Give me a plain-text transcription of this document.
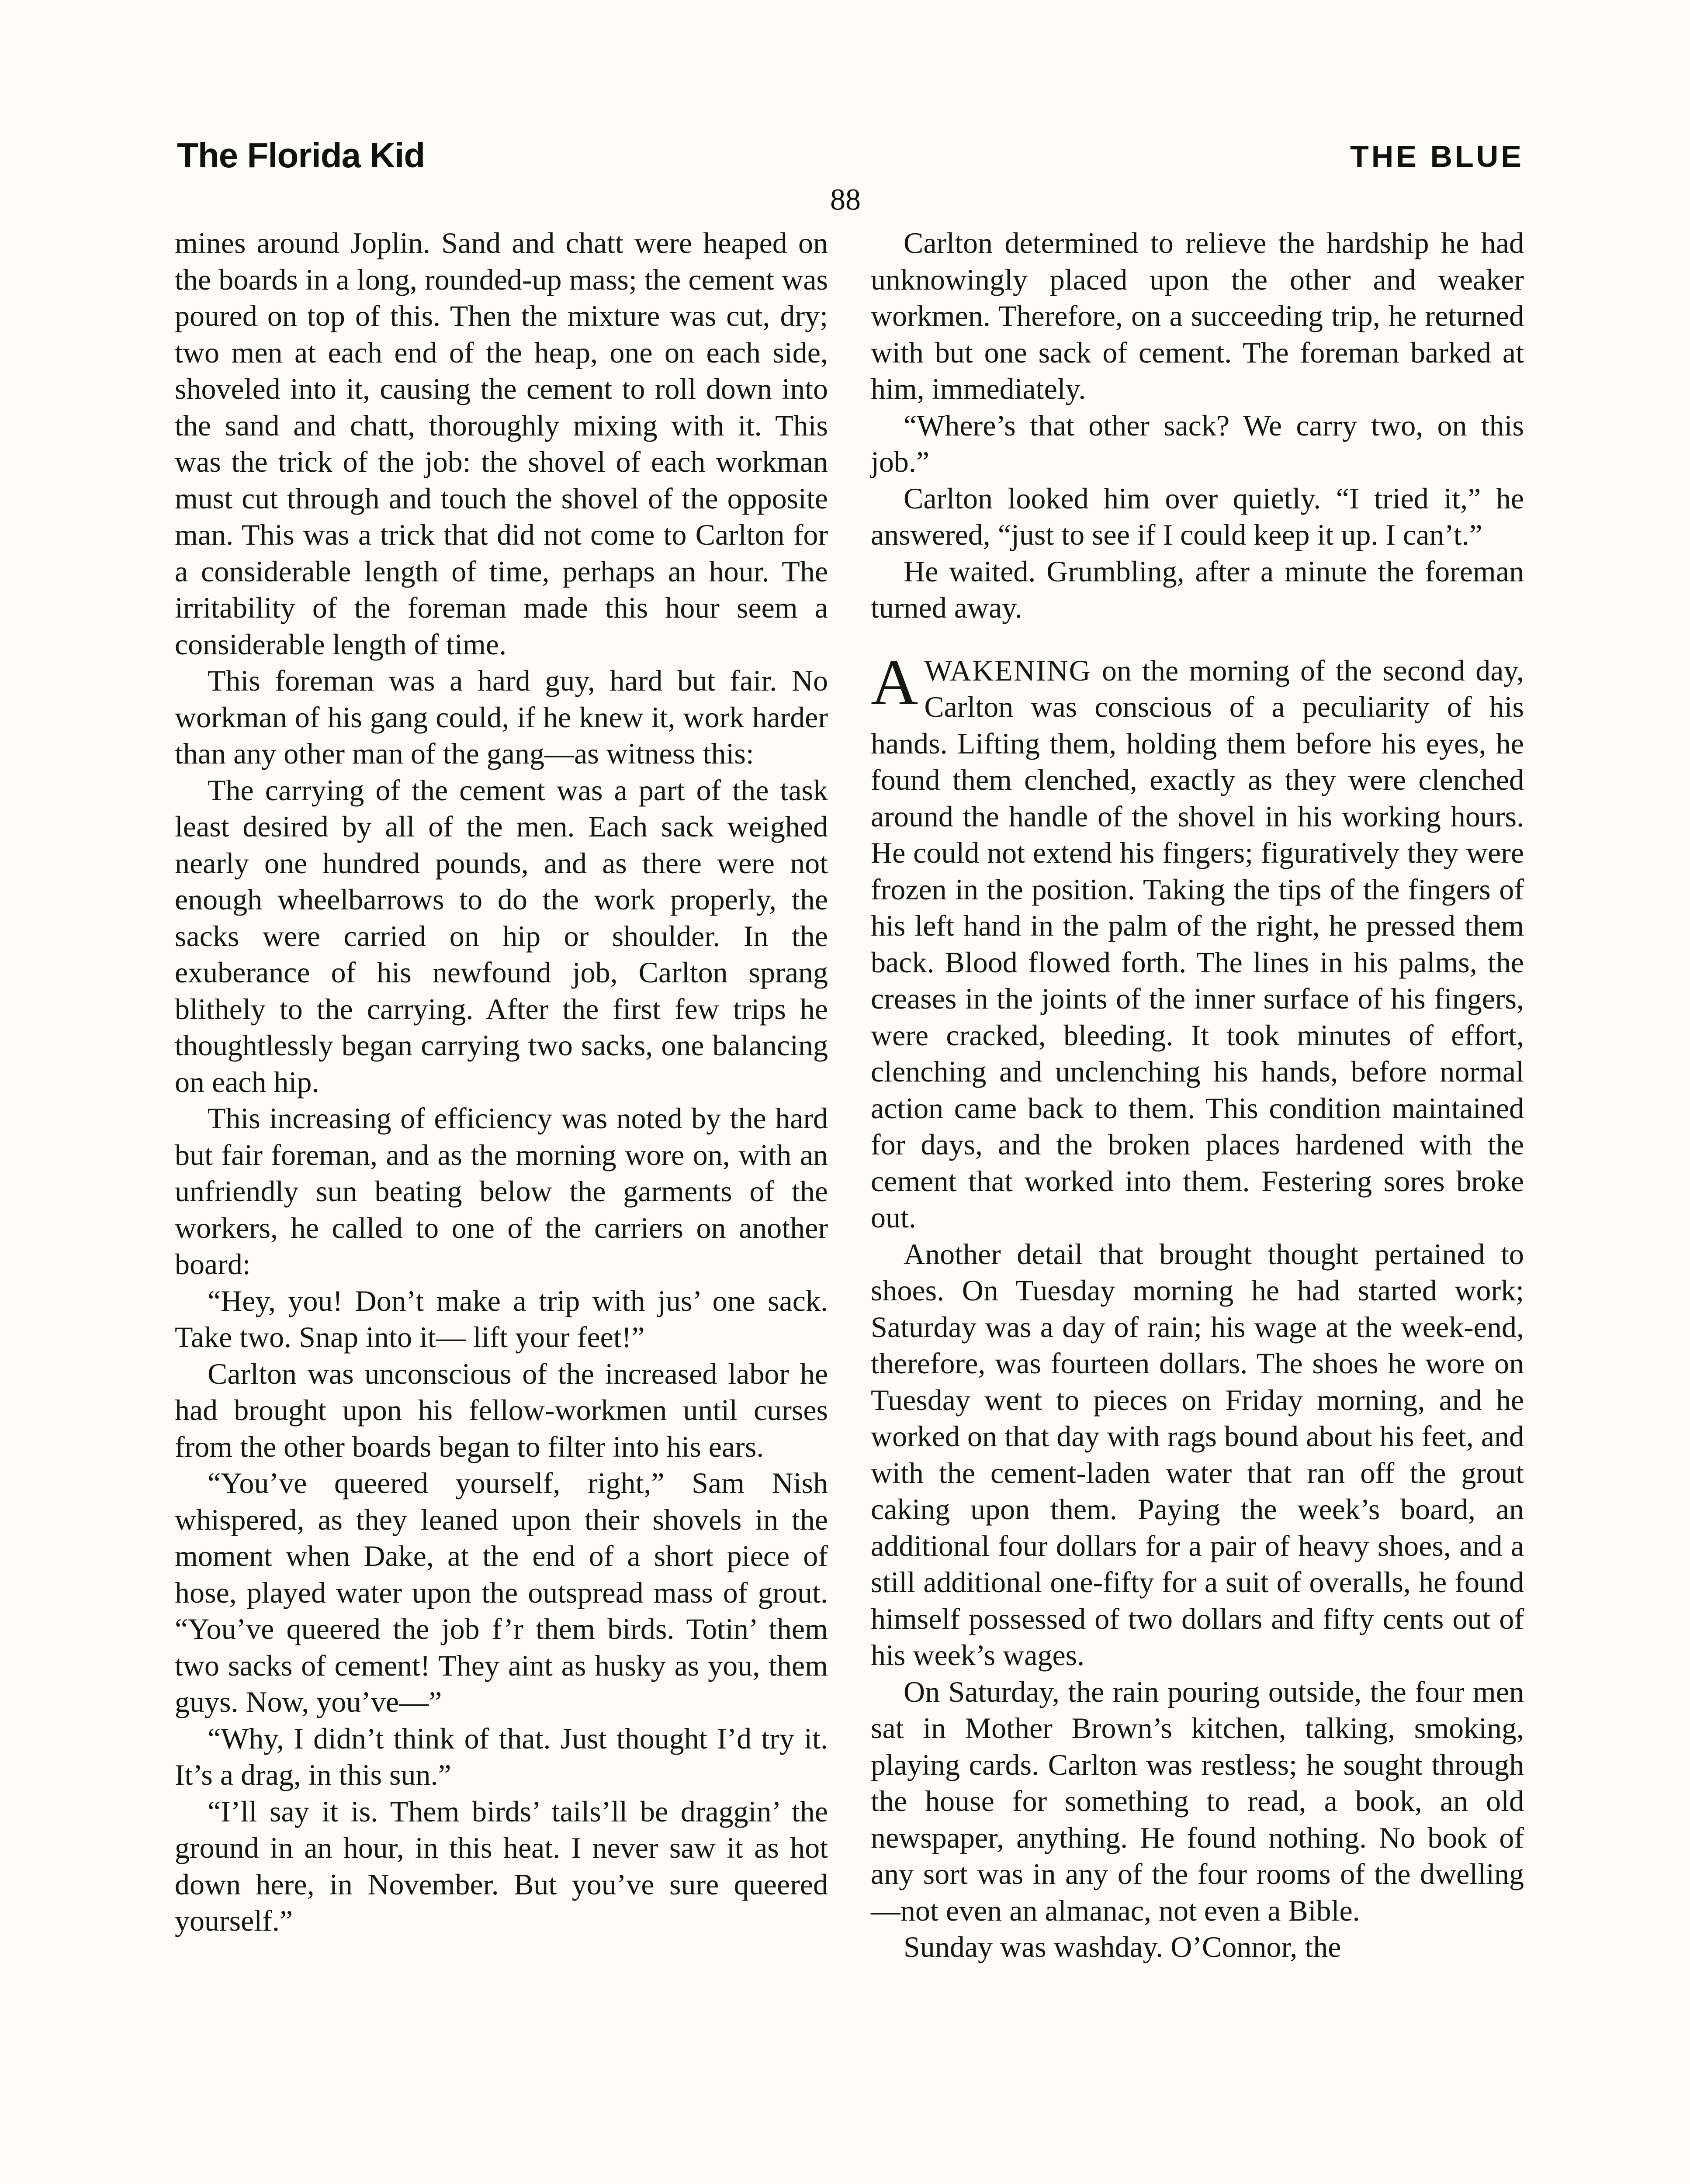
The Florida Kid	THE BLUE
88

mines around Joplin. Sand and chatt were heaped on the boards in a long, rounded-up mass; the cement was poured on top of this. Then the mixture was cut, dry; two men at each end of the heap, one on each side, shoveled into it, causing the cement to roll down into the sand and chatt, thoroughly mixing with it. This was the trick of the job: the shovel of each workman must cut through and touch the shovel of the opposite man. This was a trick that did not come to Carlton for a considerable length of time, perhaps an hour. The irritability of the foreman made this hour seem a considerable length of time.

This foreman was a hard guy, hard but fair. No workman of his gang could, if he knew it, work harder than any other man of the gang—as witness this:

The carrying of the cement was a part of the task least desired by all of the men. Each sack weighed nearly one hundred pounds, and as there were not enough wheelbarrows to do the work properly, the sacks were carried on hip or shoulder. In the exuberance of his newfound job, Carlton sprang blithely to the carrying. After the first few trips he thoughtlessly began carrying two sacks, one balancing on each hip.

This increasing of efficiency was noted by the hard but fair foreman, and as the morning wore on, with an unfriendly sun beating below the garments of the workers, he called to one of the carriers on another board:

“Hey, you! Don’t make a trip with jus’ one sack. Take two. Snap into it— lift your feet!”

Carlton was unconscious of the increased labor he had brought upon his fellow-workmen until curses from the other boards began to filter into his ears.

“You’ve queered yourself, right,” Sam Nish whispered, as they leaned upon their shovels in the moment when Dake, at the end of a short piece of hose, played water upon the outspread mass of grout. “You’ve queered the job f’r them birds. Totin’ them two sacks of cement! They aint as husky as you, them guys. Now, you’ve—”

“Why, I didn’t think of that. Just thought I’d try it. It’s a drag, in this sun.”

“I’ll say it is. Them birds’ tails’ll be draggin’ the ground in an hour, in this heat. I never saw it as hot down here, in November. But you’ve sure queered yourself.”

Carlton determined to relieve the hardship he had unknowingly placed upon the other and weaker workmen. Therefore, on a succeeding trip, he returned with but one sack of cement. The foreman barked at him, immediately.

“Where’s that other sack? We carry two, on this job.”

Carlton looked him over quietly. “I tried it,” he answered, “just to see if I could keep it up. I can’t.”

He waited. Grumbling, after a minute the foreman turned away.

AWAKENING on the morning of the second day, Carlton was conscious of a peculiarity of his hands. Lifting them, holding them before his eyes, he found them clenched, exactly as they were clenched around the handle of the shovel in his working hours. He could not extend his fingers; figuratively they were frozen in the position. Taking the tips of the fingers of his left hand in the palm of the right, he pressed them back. Blood flowed forth. The lines in his palms, the creases in the joints of the inner surface of his fingers, were cracked, bleeding. It took minutes of effort, clenching and unclenching his hands, before normal action came back to them. This condition maintained for days, and the broken places hardened with the cement that worked into them. Festering sores broke out.

Another detail that brought thought pertained to shoes. On Tuesday morning he had started work; Saturday was a day of rain; his wage at the week-end, therefore, was fourteen dollars. The shoes he wore on Tuesday went to pieces on Friday morning, and he worked on that day with rags bound about his feet, and with the cement-laden water that ran off the grout caking upon them. Paying the week’s board, an additional four dollars for a pair of heavy shoes, and a still additional one-fifty for a suit of overalls, he found himself possessed of two dollars and fifty cents out of his week’s wages.

On Saturday, the rain pouring outside, the four men sat in Mother Brown’s kitchen, talking, smoking, playing cards. Carlton was restless; he sought through the house for something to read, a book, an old newspaper, anything. He found nothing. No book of any sort was in any of the four rooms of the dwelling—not even an almanac, not even a Bible.

Sunday was washday. O’Connor, the
